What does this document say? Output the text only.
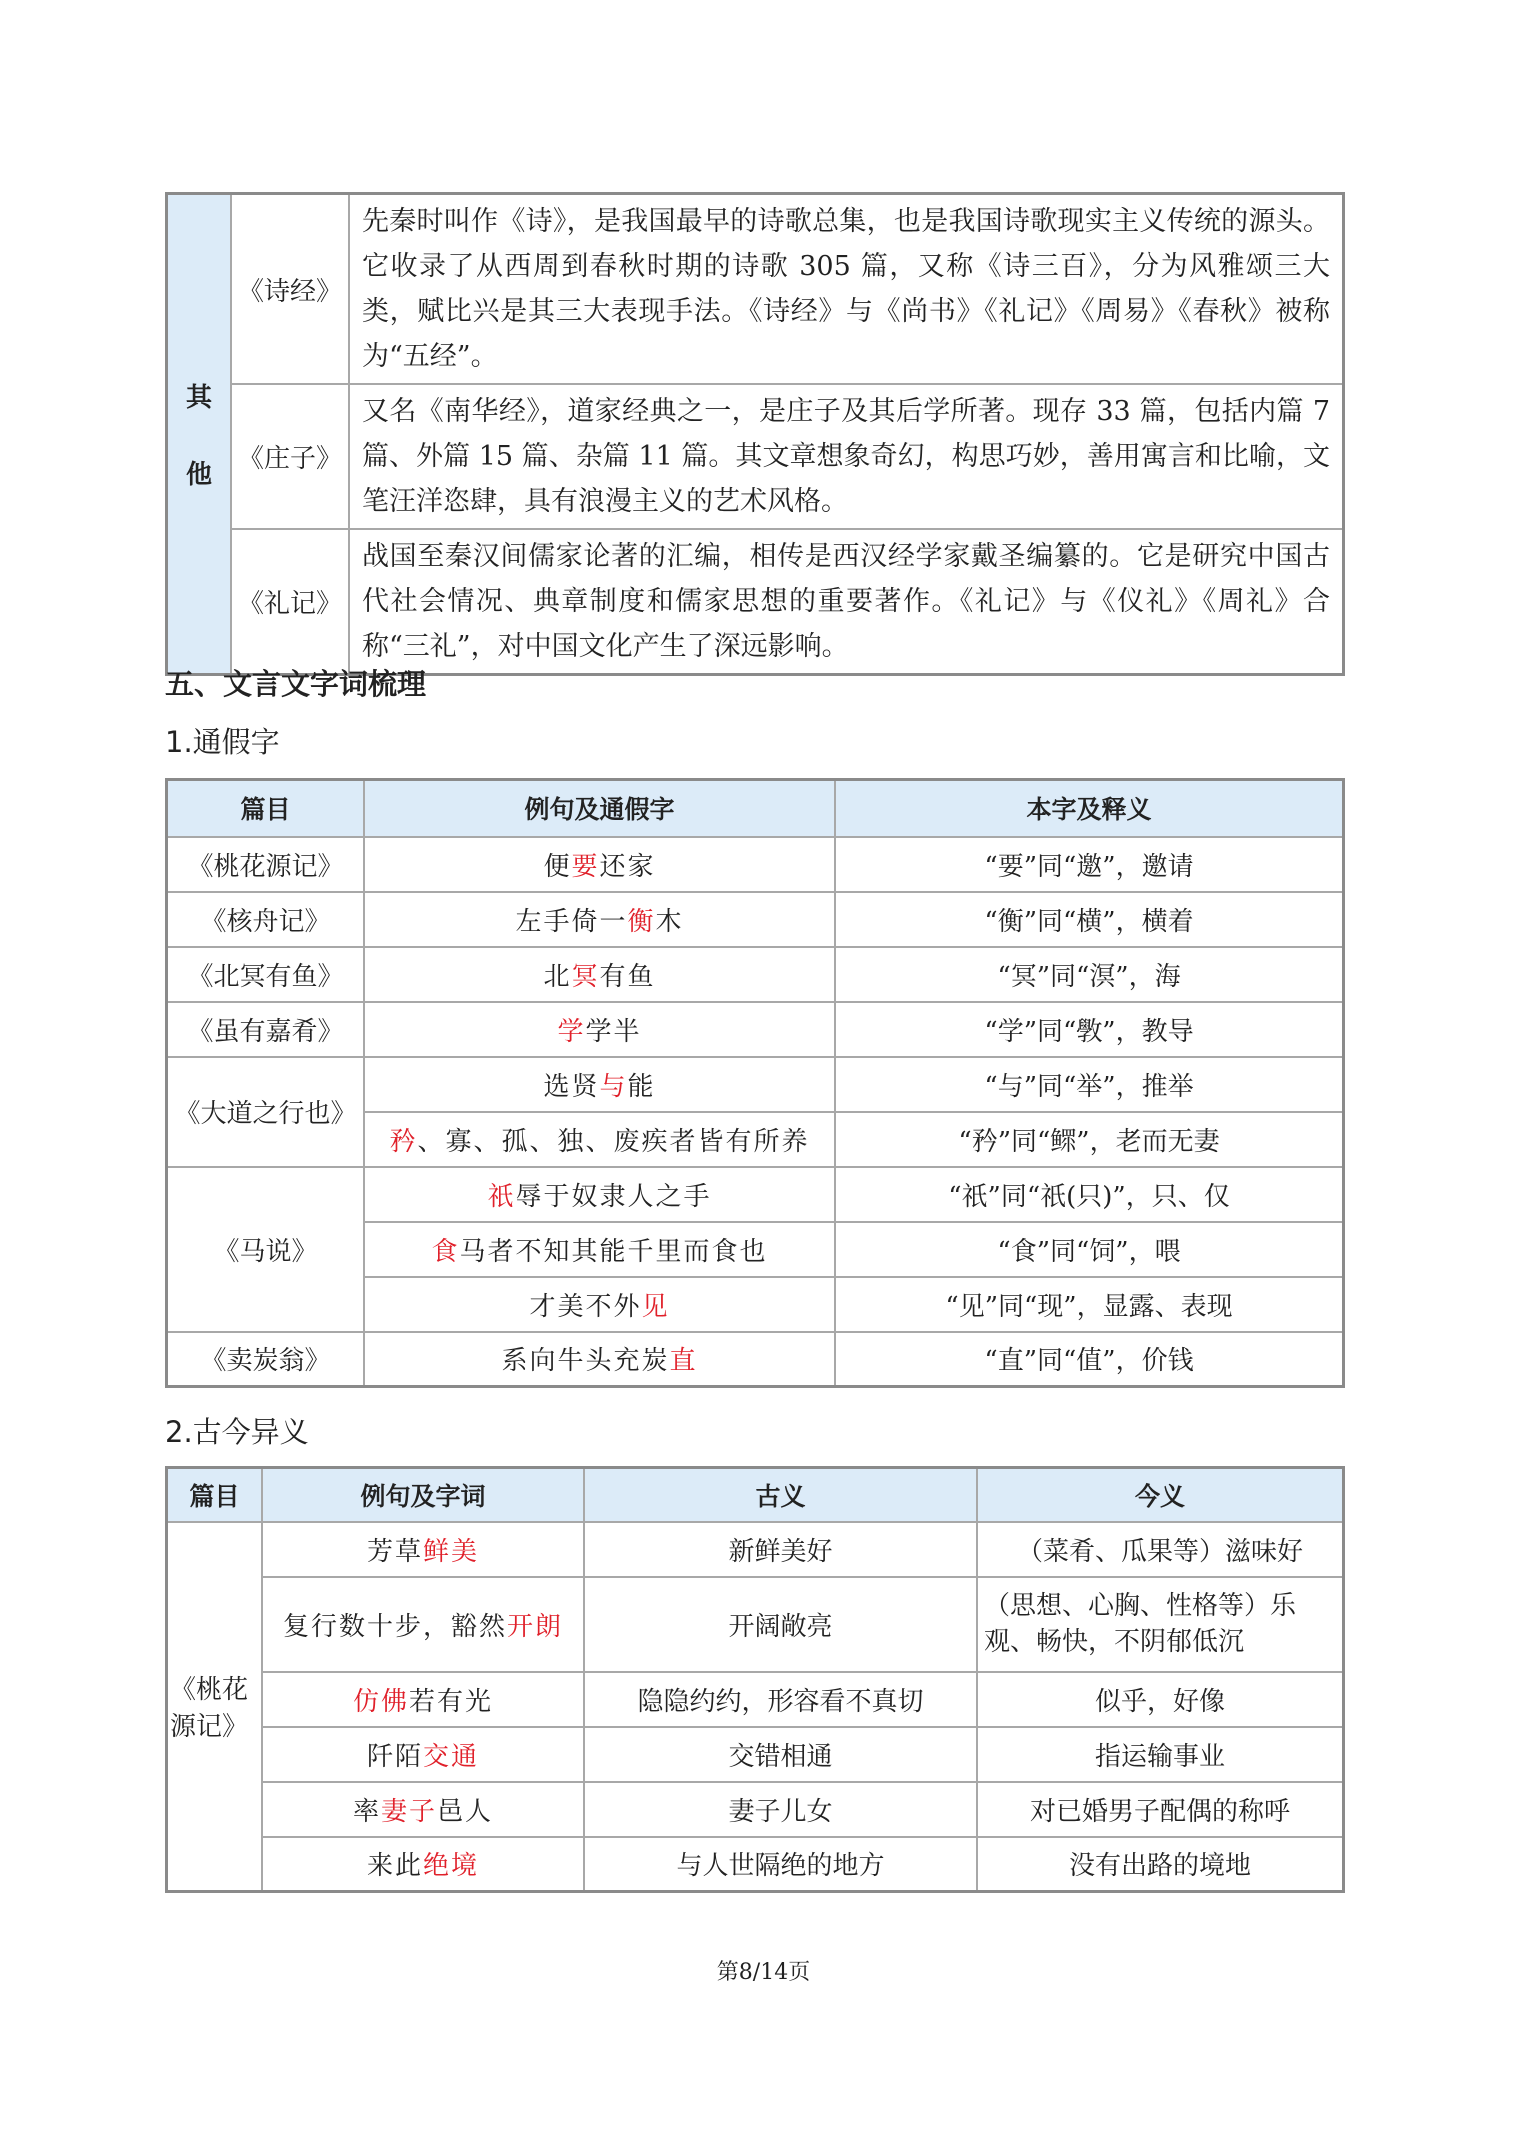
其
他	《诗经》	先秦时叫作《诗》，是我国最早的诗歌总集，也是我国诗歌现实主义传统的源头。它收录了从西周到春秋时期的诗歌 305 篇，又称《诗三百》，分为风雅颂三大类，赋比兴是其三大表现手法。《诗经》与《尚书》《礼记》《周易》《春秋》被称为“五经”。
	《庄子》	又名《南华经》，道家经典之一，是庄子及其后学所著。现存 33 篇，包括内篇 7 篇、外篇 15 篇、杂篇 11 篇。其文章想象奇幻，构思巧妙，善用寓言和比喻，文笔汪洋恣肆，具有浪漫主义的艺术风格。
	《礼记》	战国至秦汉间儒家论著的汇编，相传是西汉经学家戴圣编纂的。它是研究中国古代社会情况、典章制度和儒家思想的重要著作。《礼记》与《仪礼》《周礼》合称“三礼”，对中国文化产生了深远影响。
五、文言文字词梳理
1.通假字
篇目	例句及通假字	本字及释义
《桃花源记》	便要还家	“要”同“邀”，邀请
《核舟记》	左手倚一衡木	“衡”同“横”，横着
《北冥有鱼》	北冥有鱼	“冥”同“溟”，海
《虽有嘉肴》	学学半	“学”同“斆”，教导
《大道之行也》	选贤与能	“与”同“举”，推举
	矜、寡、孤、独、废疾者皆有所养	“矜”同“鳏”，老而无妻
《马说》	祇辱于奴隶人之手	“祇”同“祇(只)”，只、仅
	食马者不知其能千里而食也	“食”同“饲”，喂
	才美不外见	“见”同“现”，显露、表现
《卖炭翁》	系向牛头充炭直	“直”同“值”，价钱
2.古今异义
篇目	例句及字词	古义	今义
《桃花源记》	芳草鲜美	新鲜美好	（菜肴、瓜果等）滋味好
	复行数十步，豁然开朗	开阔敞亮	（思想、心胸、性格等）乐观、畅快，不阴郁低沉
	仿佛若有光	隐隐约约，形容看不真切	似乎，好像
	阡陌交通	交错相通	指运输事业
	率妻子邑人	妻子儿女	对已婚男子配偶的称呼
	来此绝境	与人世隔绝的地方	没有出路的境地
第8/14页
